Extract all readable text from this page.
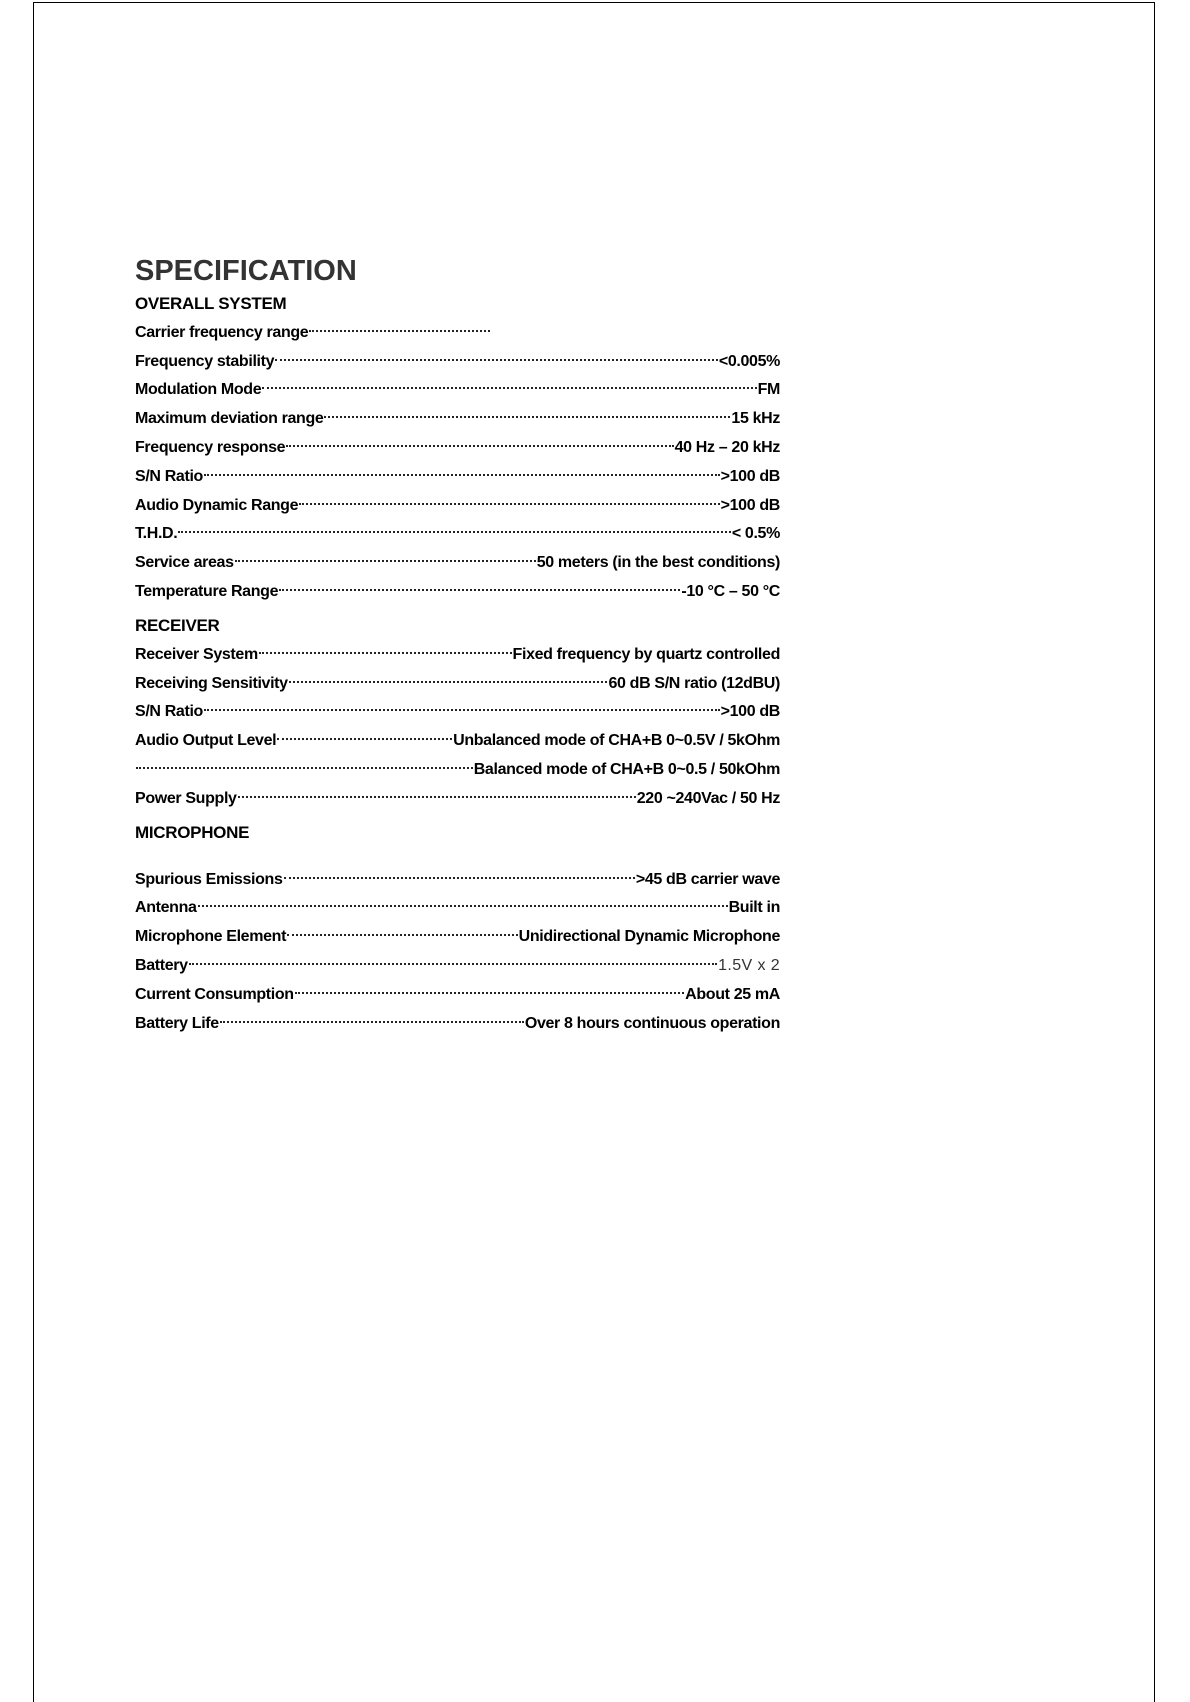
SPECIFICATION
OVERALL SYSTEM
Carrier frequency range
Frequency stability	<0.005%
Modulation Mode	FM
Maximum deviation range	15 kHz
Frequency response	40 Hz – 20 kHz
S/N Ratio	>100 dB
Audio Dynamic Range	>100 dB
T.H.D.	< 0.5%
Service areas	50 meters (in the best conditions)
Temperature Range	-10 °C – 50 °C
RECEIVER
Receiver System	Fixed frequency by quartz controlled
Receiving Sensitivity	60 dB S/N ratio (12dBU)
S/N Ratio	>100 dB
Audio Output Level	Unbalanced mode of CHA+B 0~0.5V / 5kOhm
Balanced mode of CHA+B 0~0.5 / 50kOhm
Power Supply	220 ~240Vac / 50 Hz
MICROPHONE
Spurious Emissions	>45 dB carrier wave
Antenna	Built in
Microphone Element	Unidirectional Dynamic Microphone
Battery	1.5V x 2
Current Consumption	About 25 mA
Battery Life	Over 8 hours continuous operation
